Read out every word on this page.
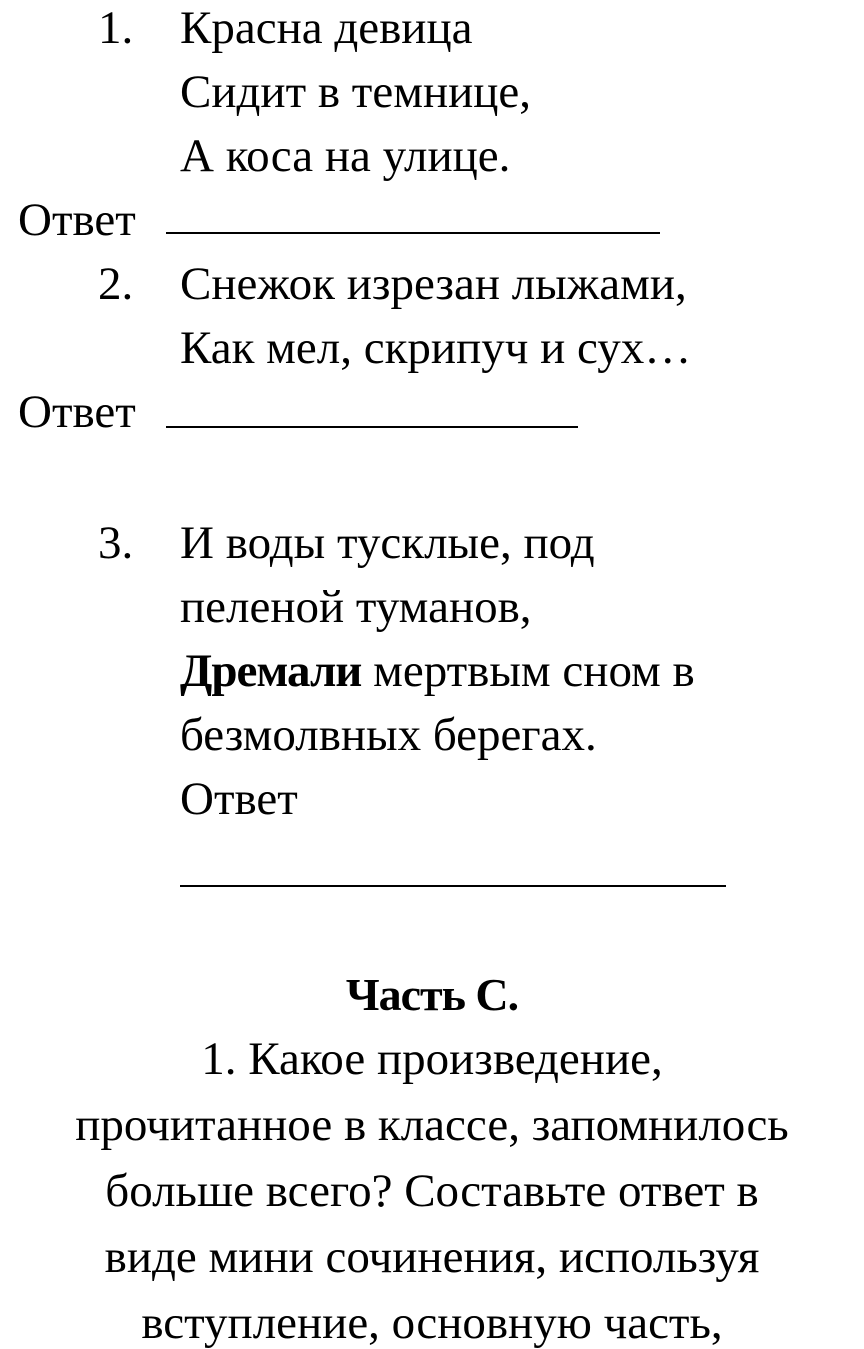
1. Красна девица
Сидит в темнице,
А коса на улице.
Ответ
2. Снежок изрезан лыжами,
Как мел, скрипуч и сух…
Ответ
3. И воды тусклые, под
пеленой туманов,
Дремали мертвым сном в
безмолвных берегах.
Ответ
Часть С.
1. Какое произведение,
прочитанное в классе, запомнилось
больше всего? Составьте ответ в
виде мини сочинения, используя
вступление, основную часть,
